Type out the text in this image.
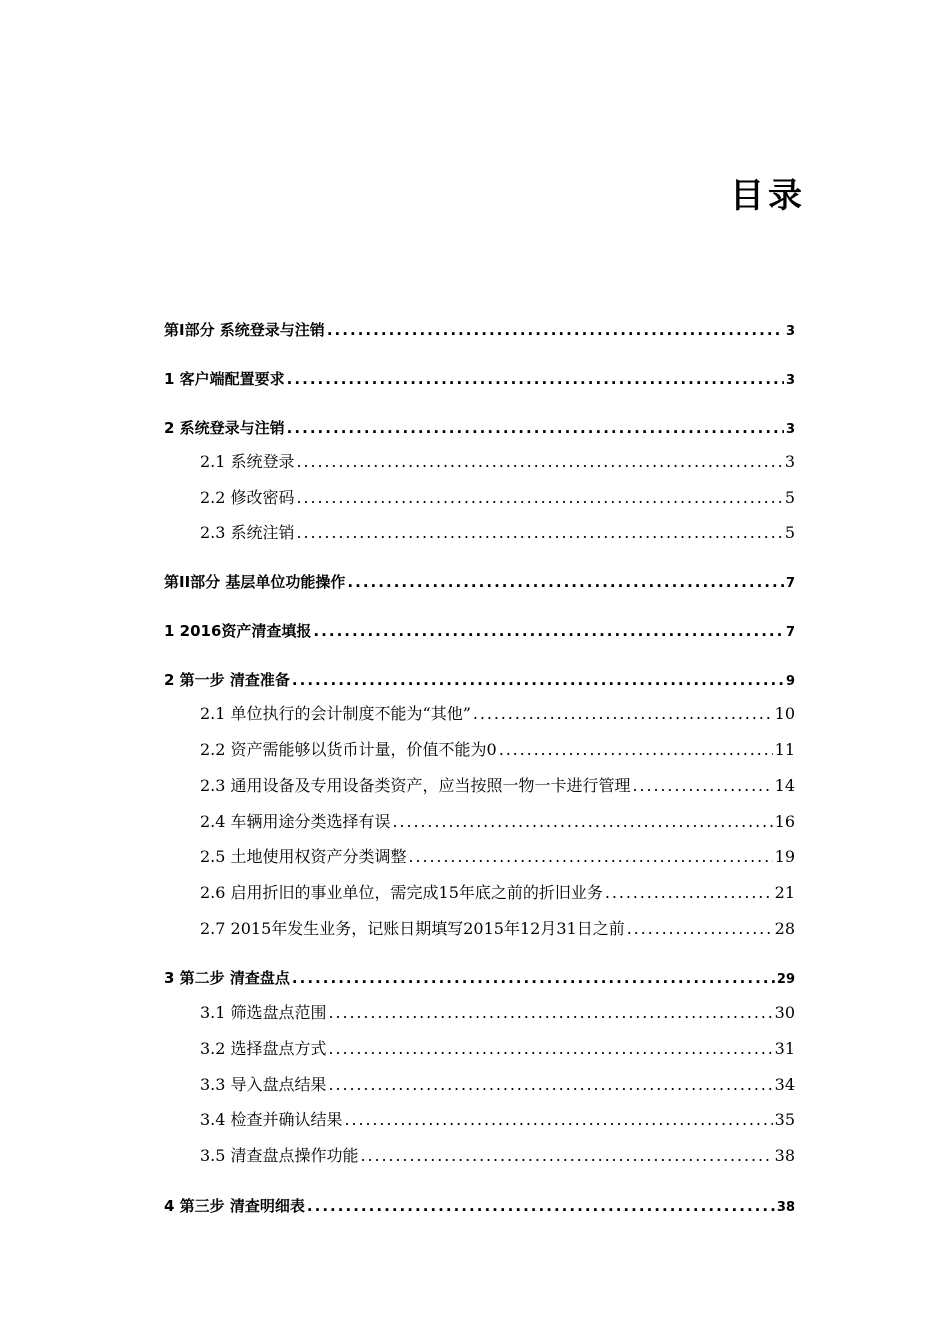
目录
第I部分 系统登录与注销 . . .	3
1 客户端配置要求 . . .	3
2 系统登录与注销 . . .	3
2.1 系统登录 . . .	3
2.2 修改密码 . . .	5
2.3 系统注销 . . .	5
第II部分 基层单位功能操作 . . .	7
1 2016资产清查填报 . . .	7
2 第一步 清查准备 . . .	9
2.1 单位执行的会计制度不能为“其他” . . .	10
2.2 资产需能够以货币计量，价值不能为0 . . .	11
2.3 通用设备及专用设备类资产，应当按照一物一卡进行管理 . . .	14
2.4 车辆用途分类选择有误 . . .	16
2.5 土地使用权资产分类调整 . . .	19
2.6 启用折旧的事业单位，需完成15年底之前的折旧业务 . . .	21
2.7 2015年发生业务，记账日期填写2015年12月31日之前 . . .	28
3 第二步 清查盘点 . . .	29
3.1 筛选盘点范围 . . .	30
3.2 选择盘点方式 . . .	31
3.3 导入盘点结果 . . .	34
3.4 检查并确认结果 . . .	35
3.5 清查盘点操作功能 . . .	38
4 第三步 清查明细表 . . .	38
